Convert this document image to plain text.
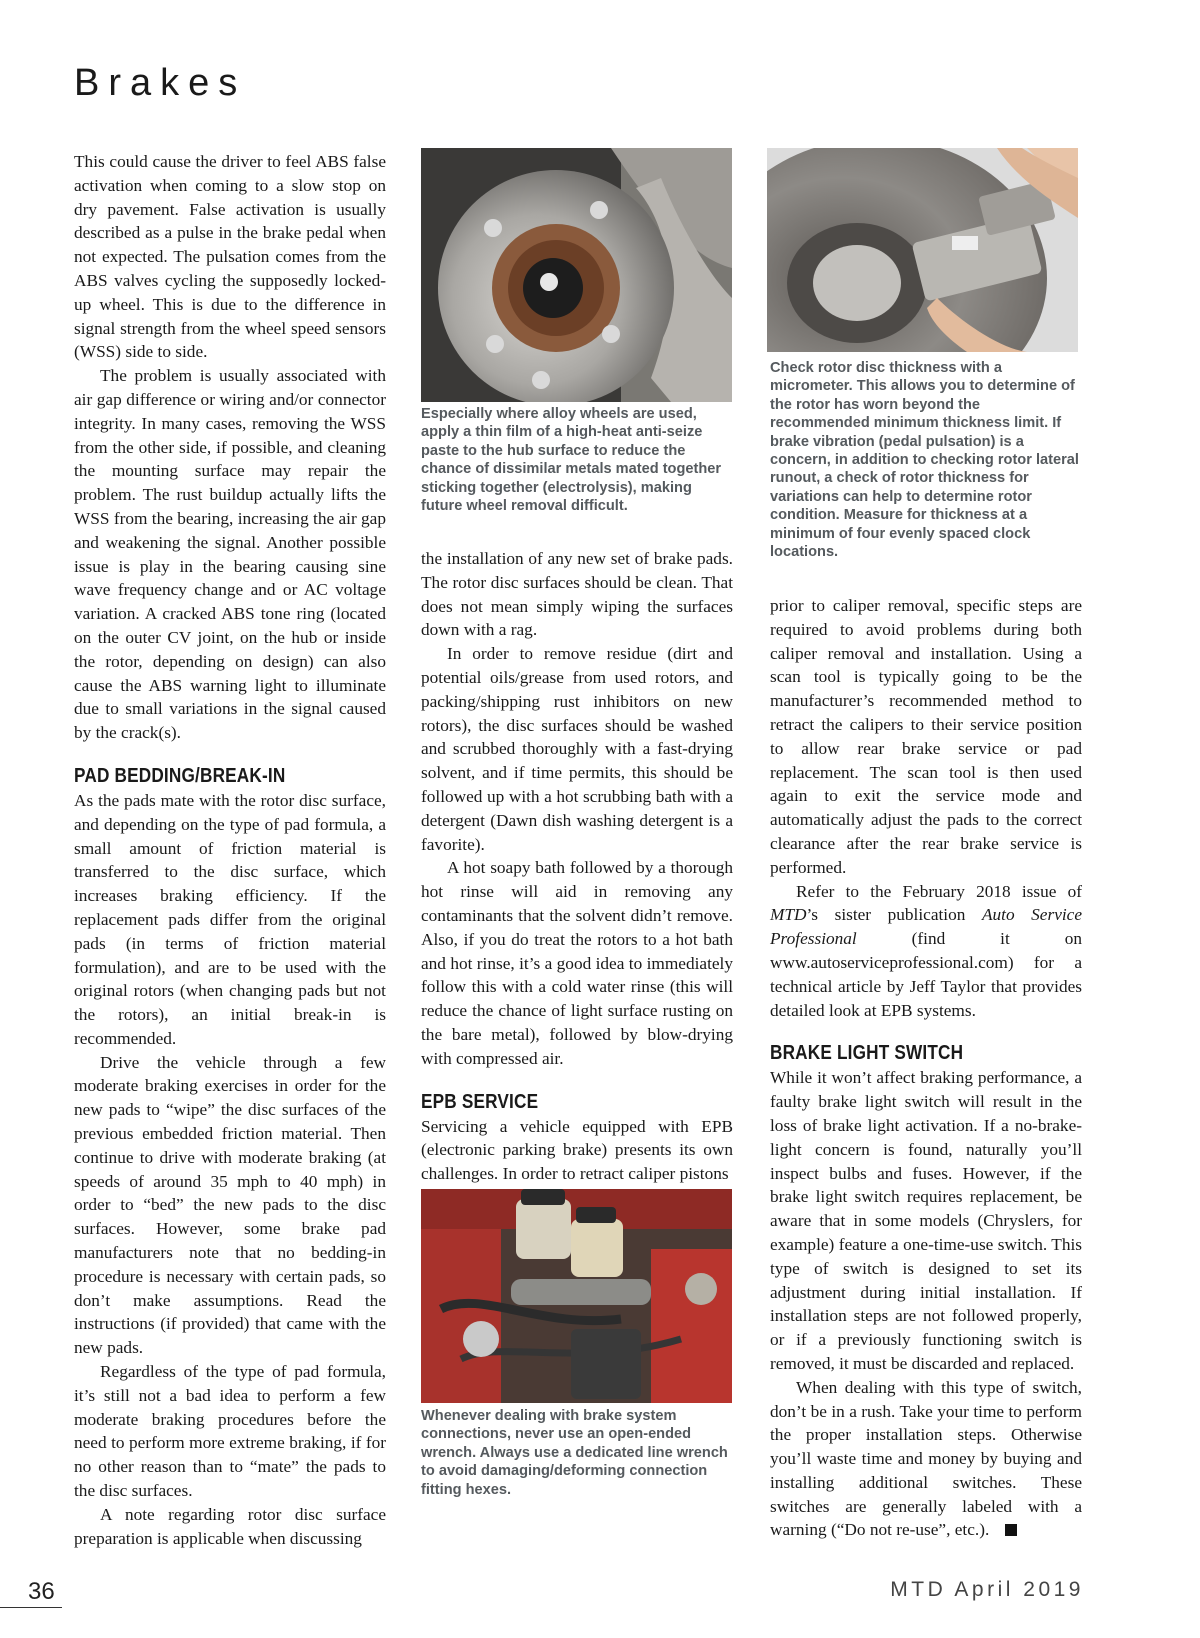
Brakes

This could cause the driver to feel ABS false activation when coming to a slow stop on dry pavement. False activation is usually described as a pulse in the brake pedal when not expected. The pulsation comes from the ABS valves cycling the supposedly locked-up wheel. This is due to the difference in signal strength from the wheel speed sensors (WSS) side to side.

The problem is usually associated with air gap difference or wiring and/or connector integrity. In many cases, removing the WSS from the other side, if possible, and cleaning the mounting surface may repair the problem. The rust buildup actually lifts the WSS from the bearing, increasing the air gap and weakening the signal. Another possible issue is play in the bearing causing sine wave frequency change and or AC voltage variation. A cracked ABS tone ring (located on the outer CV joint, on the hub or inside the rotor, depending on design) can also cause the ABS warning light to illuminate due to small variations in the signal caused by the crack(s).

PAD BEDDING/BREAK-IN

As the pads mate with the rotor disc surface, and depending on the type of pad formula, a small amount of friction material is transferred to the disc surface, which increases braking efficiency. If the replacement pads differ from the original pads (in terms of friction material formulation), and are to be used with the original rotors (when changing pads but not the rotors), an initial break-in is recommended.

Drive the vehicle through a few moderate braking exercises in order for the new pads to “wipe” the disc surfaces of the previous embedded friction material. Then continue to drive with moderate braking (at speeds of around 35 mph to 40 mph) in order to “bed” the new pads to the disc surfaces. However, some brake pad manufacturers note that no bedding-in procedure is necessary with certain pads, so don’t make assumptions. Read the instructions (if provided) that came with the new pads.

Regardless of the type of pad formula, it’s still not a bad idea to perform a few moderate braking procedures before the need to perform more extreme braking, if for no other reason than to “mate” the pads to the disc surfaces.

A note regarding rotor disc surface preparation is applicable when discussing

Especially where alloy wheels are used, apply a thin film of a high-heat anti-seize paste to the hub surface to reduce the chance of dissimilar metals mated together sticking together (electrolysis), making future wheel removal difficult.

the installation of any new set of brake pads. The rotor disc surfaces should be clean. That does not mean simply wiping the surfaces down with a rag.

In order to remove residue (dirt and potential oils/grease from used rotors, and packing/shipping rust inhibitors on new rotors), the disc surfaces should be washed and scrubbed thoroughly with a fast-drying solvent, and if time permits, this should be followed up with a hot scrubbing bath with a detergent (Dawn dish washing detergent is a favorite).

A hot soapy bath followed by a thorough hot rinse will aid in removing any contaminants that the solvent didn’t remove. Also, if you do treat the rotors to a hot bath and hot rinse, it’s a good idea to immediately follow this with a cold water rinse (this will reduce the chance of light surface rusting on the bare metal), followed by blow-drying with compressed air.

EPB SERVICE

Servicing a vehicle equipped with EPB (electronic parking brake) presents its own challenges. In order to retract caliper pistons

Whenever dealing with brake system connections, never use an open-ended wrench. Always use a dedicated line wrench to avoid damaging/deforming connection fitting hexes.

Check rotor disc thickness with a micrometer. This allows you to determine of the rotor has worn beyond the recommended minimum thickness limit. If brake vibration (pedal pulsation) is a concern, in addition to checking rotor lateral runout, a check of rotor thickness for variations can help to determine rotor condition. Measure for thickness at a minimum of four evenly spaced clock locations.

prior to caliper removal, specific steps are required to avoid problems during both caliper removal and installation. Using a scan tool is typically going to be the manufacturer’s recommended method to retract the calipers to their service position to allow rear brake service or pad replacement. The scan tool is then used again to exit the service mode and automatically adjust the pads to the correct clearance after the rear brake service is performed.

Refer to the February 2018 issue of MTD’s sister publication Auto Service Professional (find it on www.autoserviceprofessional.com) for a technical article by Jeff Taylor that provides detailed look at EPB systems.

BRAKE LIGHT SWITCH

While it won’t affect braking performance, a faulty brake light switch will result in the loss of brake light activation. If a no-brake-light concern is found, naturally you’ll inspect bulbs and fuses. However, if the brake light switch requires replacement, be aware that in some models (Chryslers, for example) feature a one-time-use switch. This type of switch is designed to set its adjustment during initial installation. If installation steps are not followed properly, or if a previously functioning switch is removed, it must be discarded and replaced.

When dealing with this type of switch, don’t be in a rush. Take your time to perform the proper installation steps. Otherwise you’ll waste time and money by buying and installing additional switches. These switches are generally labeled with a warning (“Do not re-use”, etc.).

36	MTD April 2019
